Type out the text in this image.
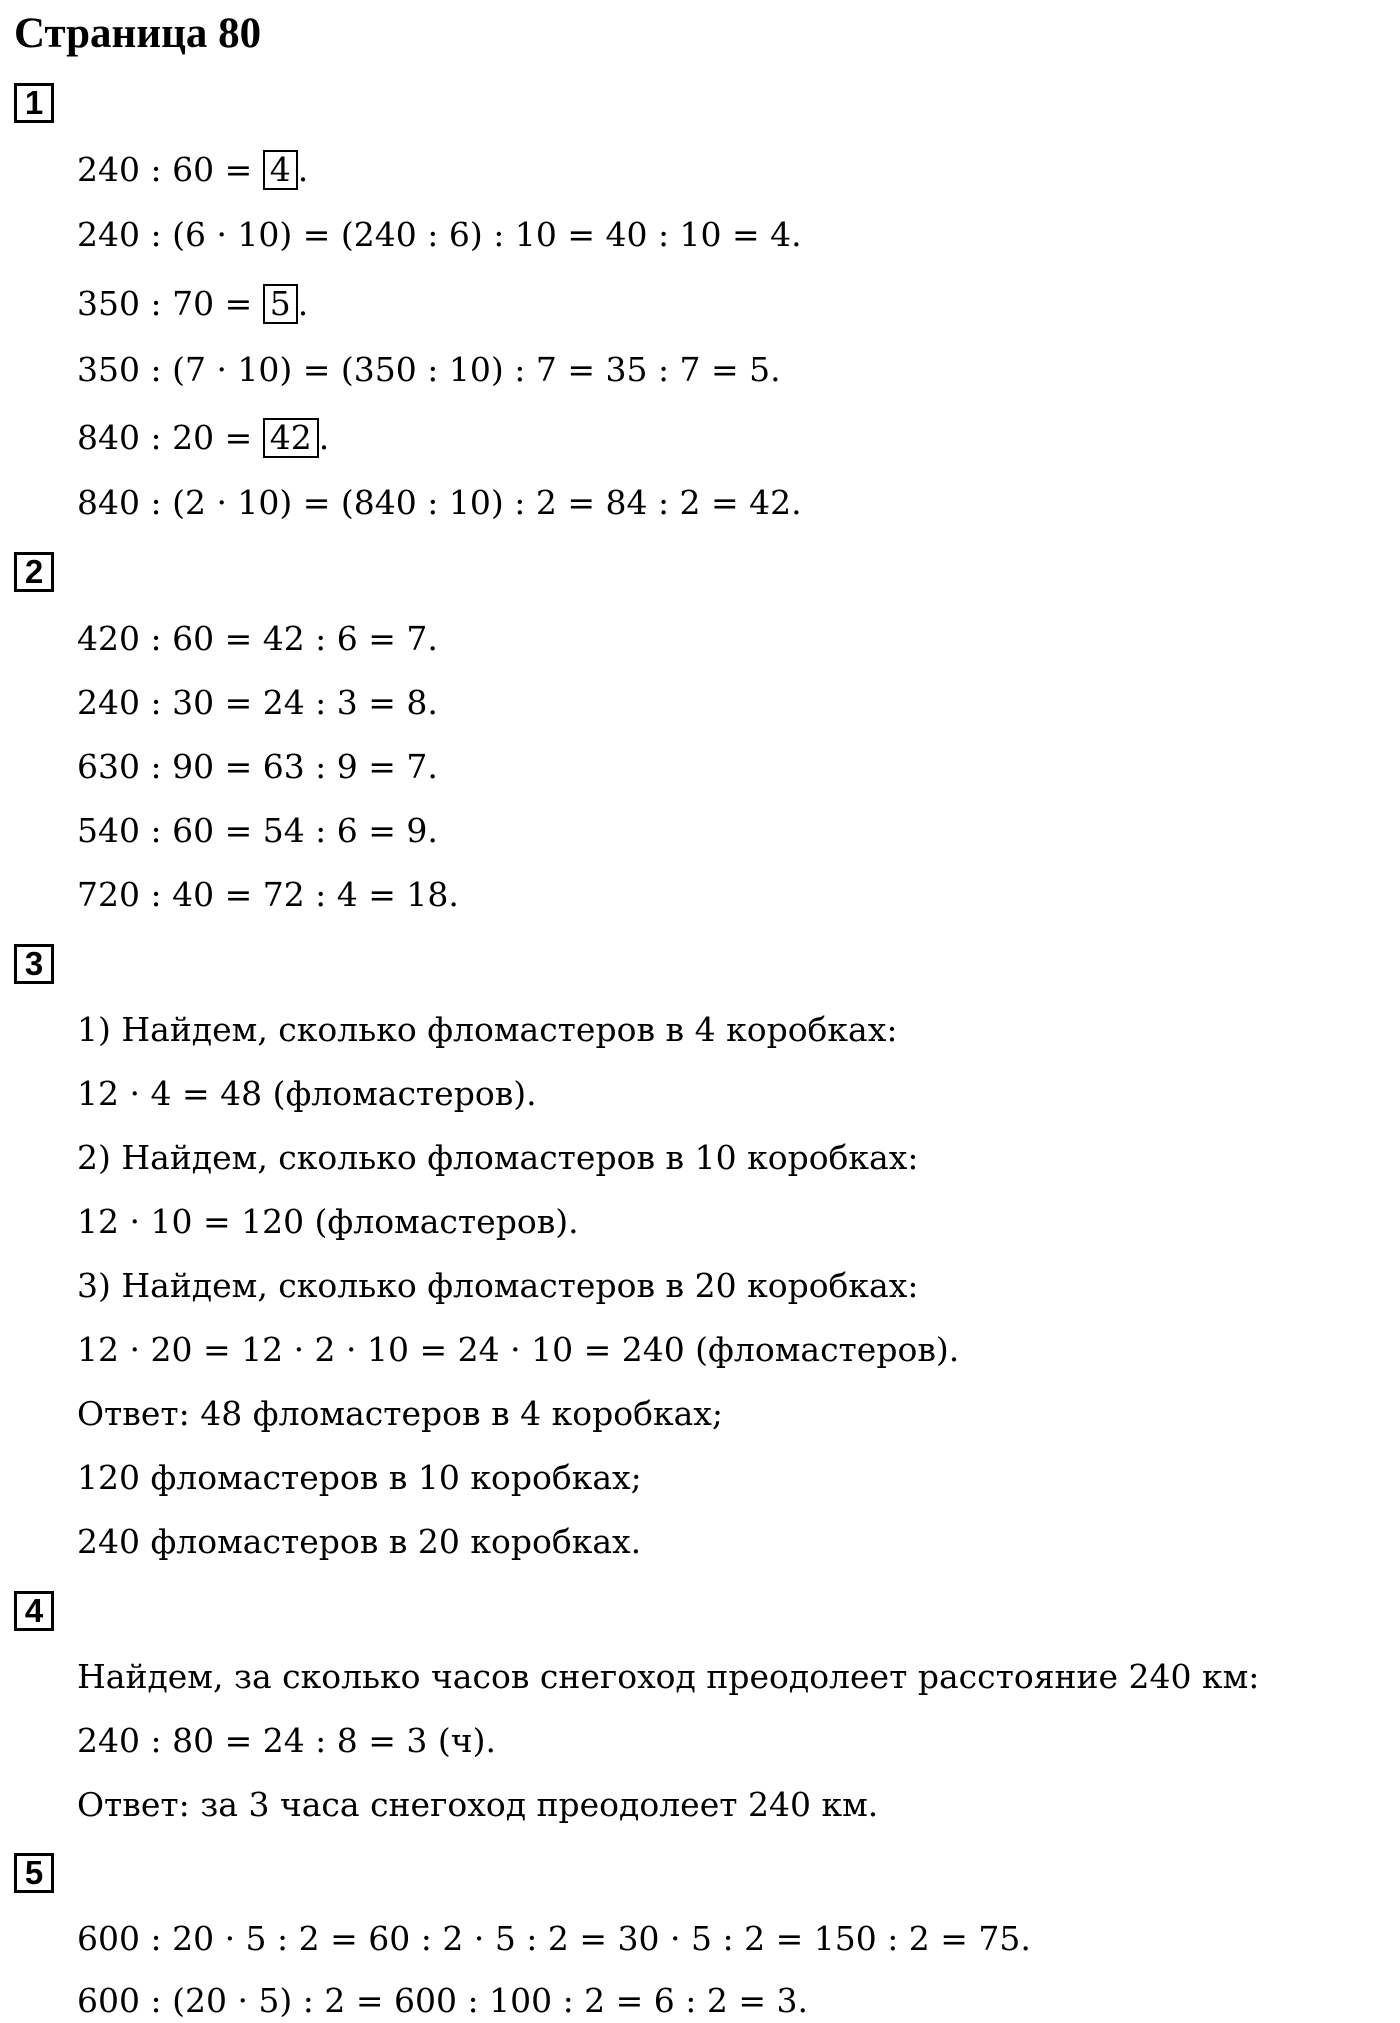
Страница 80
1
240 : 60 = 4 .
240 : (6 · 10) = (240 : 6) : 10 = 40 : 10 = 4.
350 : 70 = 5 .
350 : (7 · 10) = (350 : 10) : 7 = 35 : 7 = 5.
840 : 20 = 42 .
840 : (2 · 10) = (840 : 10) : 2 = 84 : 2 = 42.
2
420 : 60 = 42 : 6 = 7.
240 : 30 = 24 : 3 = 8.
630 : 90 = 63 : 9 = 7.
540 : 60 = 54 : 6 = 9.
720 : 40 = 72 : 4 = 18.
3
1) Найдем, сколько фломастеров в 4 коробках:
12 · 4 = 48 (фломастеров).
2) Найдем, сколько фломастеров в 10 коробках:
12 · 10 = 120 (фломастеров).
3) Найдем, сколько фломастеров в 20 коробках:
12 · 20 = 12 · 2 · 10 = 24 · 10 = 240 (фломастеров).
Ответ: 48 фломастеров в 4 коробках;
120 фломастеров в 10 коробках;
240 фломастеров в 20 коробках.
4
Найдем, за сколько часов снегоход преодолеет расстояние 240 км:
240 : 80 = 24 : 8 = 3 (ч).
Ответ: за 3 часа снегоход преодолеет 240 км.
5
600 : 20 · 5 : 2 = 60 : 2 · 5 : 2 = 30 · 5 : 2 = 150 : 2 = 75.
600 : (20 · 5) : 2 = 600 : 100 : 2 = 6 : 2 = 3.
